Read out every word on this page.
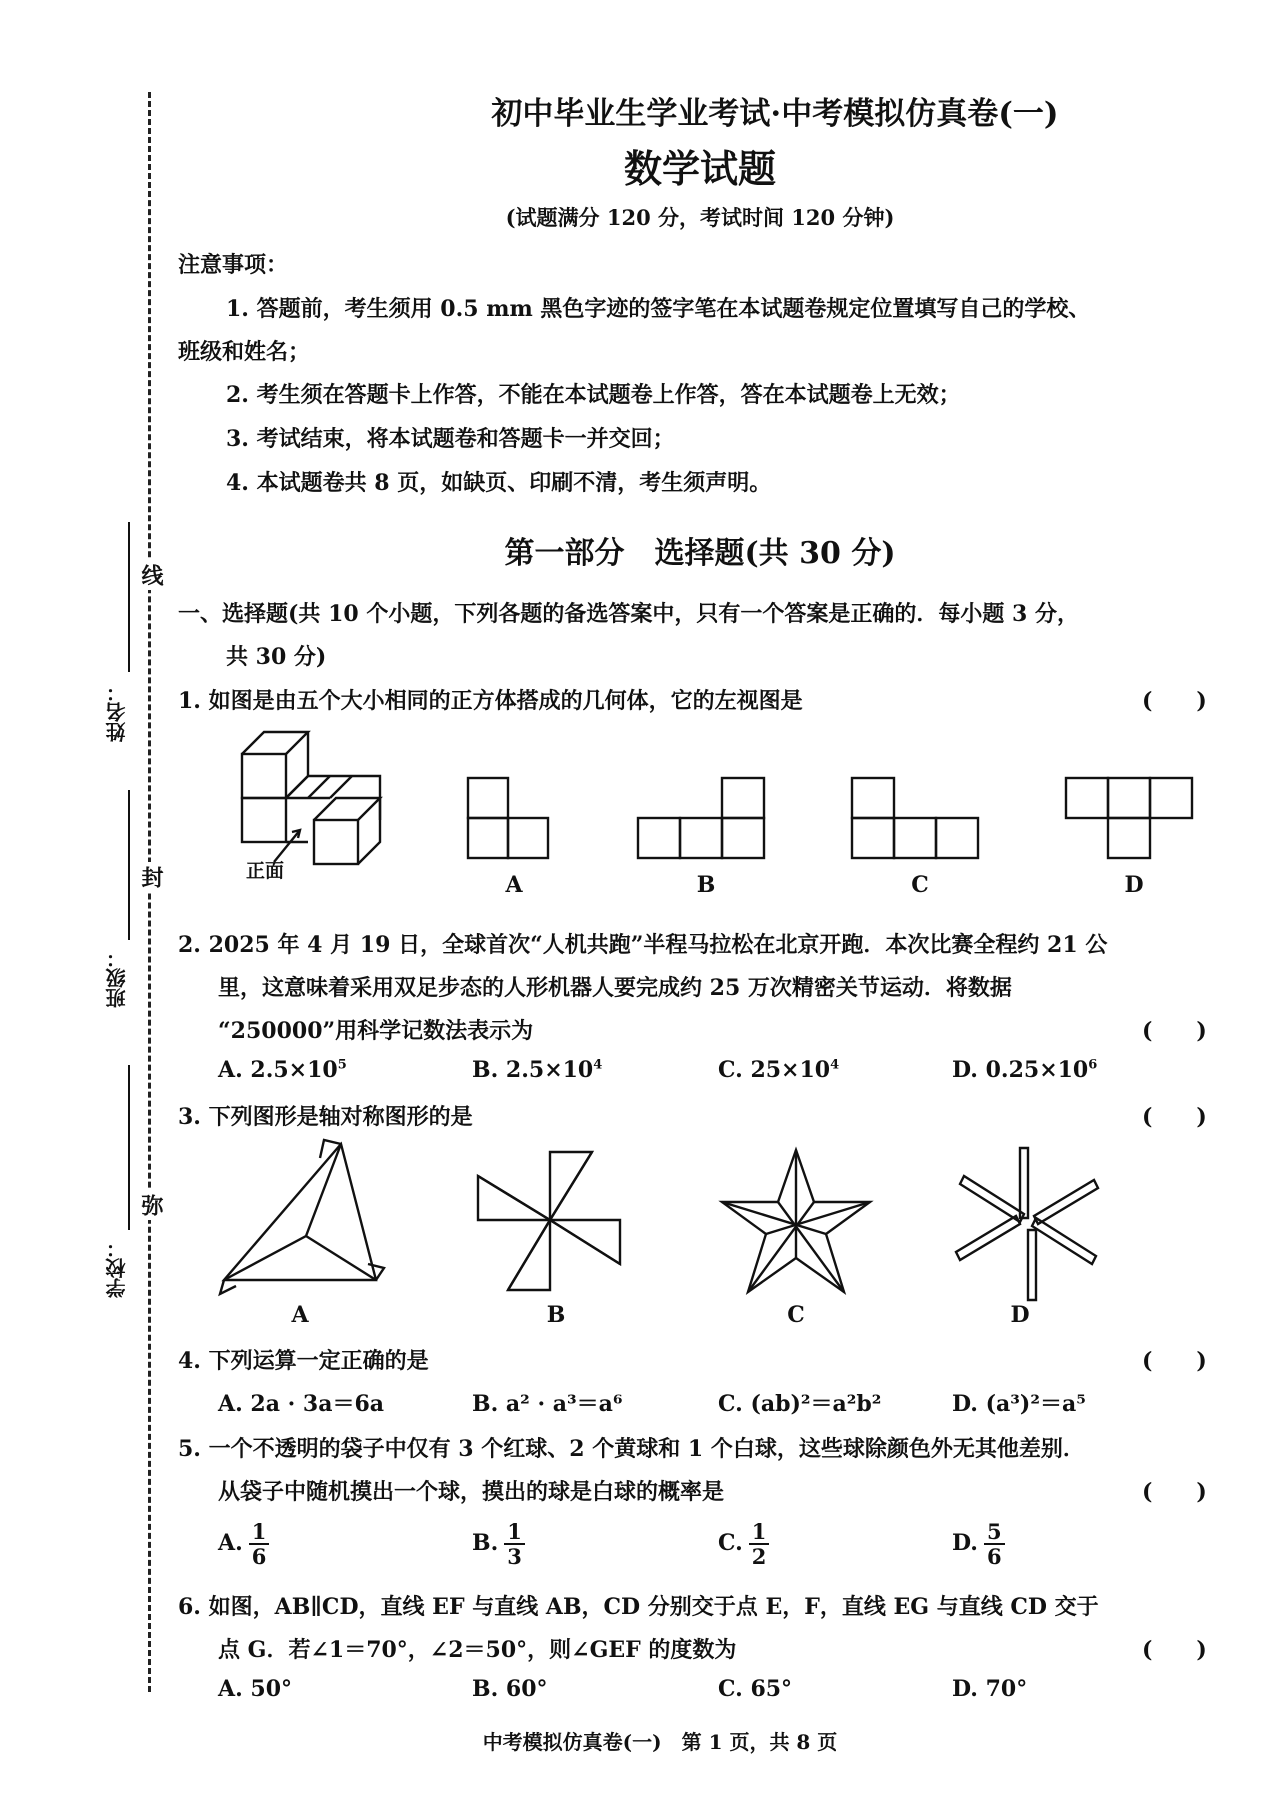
线
封
弥
姓名：
班级：
学校：
初中毕业生学业考试·中考模拟仿真卷(一)
数学试题
(试题满分 120 分，考试时间 120 分钟)
注意事项：
1. 答题前，考生须用 0.5 mm 黑色字迹的签字笔在本试题卷规定位置填写自己的学校、
班级和姓名；
2. 考生须在答题卡上作答，不能在本试题卷上作答，答在本试题卷上无效；
3. 考试结束，将本试题卷和答题卡一并交回；
4. 本试题卷共 8 页，如缺页、印刷不清，考生须声明。
第一部分　选择题(共 30 分)
一、选择题(共 10 个小题，下列各题的备选答案中，只有一个答案是正确的．每小题 3 分，
共 30 分)
1. 如图是由五个大小相同的正方体搭成的几何体，它的左视图是	(　　)
正面
A	B	C	D
2. 2025 年 4 月 19 日，全球首次“人机共跑”半程马拉松在北京开跑．本次比赛全程约 21 公
里，这意味着采用双足步态的人形机器人要完成约 25 万次精密关节运动．将数据
“250000”用科学记数法表示为	(　　)
A. $2.5\times 10^5$	B. $2.5\times 10^4$	C. $25\times 10^4$	D. $0.25\times 10^6$
3. 下列图形是轴对称图形的是	(　　)
A	B	C	D
4. 下列运算一定正确的是	(　　)
A. 2a · 3a＝6a	B. a² · a³＝a⁶	C. (ab)²＝a²b²	D. (a³)²＝a⁵
5. 一个不透明的袋子中仅有 3 个红球、2 个黄球和 1 个白球，这些球除颜色外无其他差别．
从袋子中随机摸出一个球，摸出的球是白球的概率是	(　　)
A. $\frac{1}{6}$	B. $\frac{1}{3}$	C. $\frac{1}{2}$	D. $\frac{5}{6}$
6. 如图，AB∥CD，直线 EF 与直线 AB，CD 分别交于点 E，F，直线 EG 与直线 CD 交于
点 G．若∠1＝70°，∠2＝50°，则∠GEF 的度数为	(　　)
A. 50°	B. 60°	C. 65°	D. 70°
中考模拟仿真卷(一)　第 1 页，共 8 页
